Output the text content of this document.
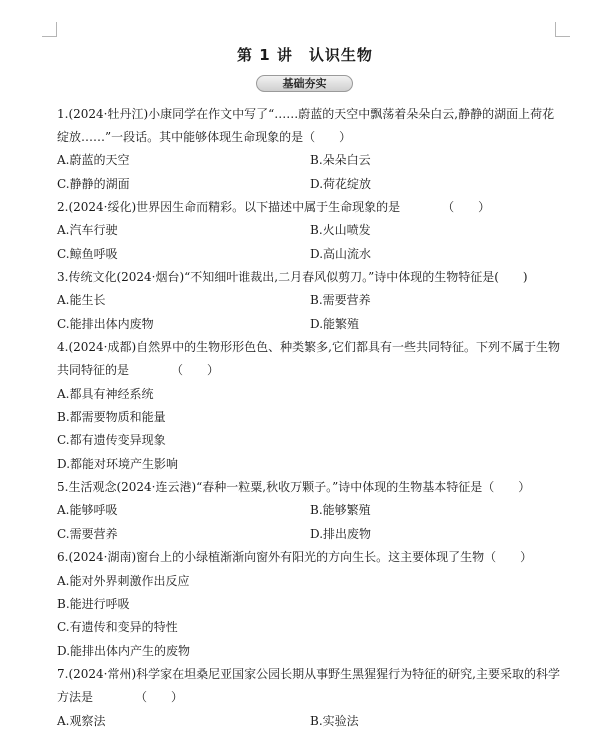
第 1 讲　认识生物
基础夯实
1.(2024·牡丹江)小康同学在作文中写了“……蔚蓝的天空中飘荡着朵朵白云,静静的湖面上荷花
绽放……”一段话。其中能够体现生命现象的是（　　）
A.蔚蓝的天空	B.朵朵白云
C.静静的湖面	D.荷花绽放
2.(2024·绥化)世界因生命而精彩。以下描述中属于生命现象的是　　　　（　　）
A.汽车行驶	B.火山喷发
C.鲸鱼呼吸	D.高山流水
3.传统文化(2024·烟台)“不知细叶谁裁出,二月春风似剪刀。”诗中体现的生物特征是(　　)
A.能生长	B.需要营养
C.能排出体内废物	D.能繁殖
4.(2024·成都)自然界中的生物形形色色、种类繁多,它们都具有一些共同特征。下列不属于生物
共同特征的是　　　　（　　）
A.都具有神经系统
B.都需要物质和能量
C.都有遗传变异现象
D.都能对环境产生影响
5.生活观念(2024·连云港)“春种一粒粟,秋收万颗子。”诗中体现的生物基本特征是（　　）
A.能够呼吸	B.能够繁殖
C.需要营养	D.排出废物
6.(2024·湖南)窗台上的小绿植渐渐向窗外有阳光的方向生长。这主要体现了生物（　　）
A.能对外界刺激作出反应
B.能进行呼吸
C.有遗传和变异的特性
D.能排出体内产生的废物
7.(2024·常州)科学家在坦桑尼亚国家公园长期从事野生黑猩猩行为特征的研究,主要采取的科学
方法是　　　　（　　）
A.观察法	B.实验法
